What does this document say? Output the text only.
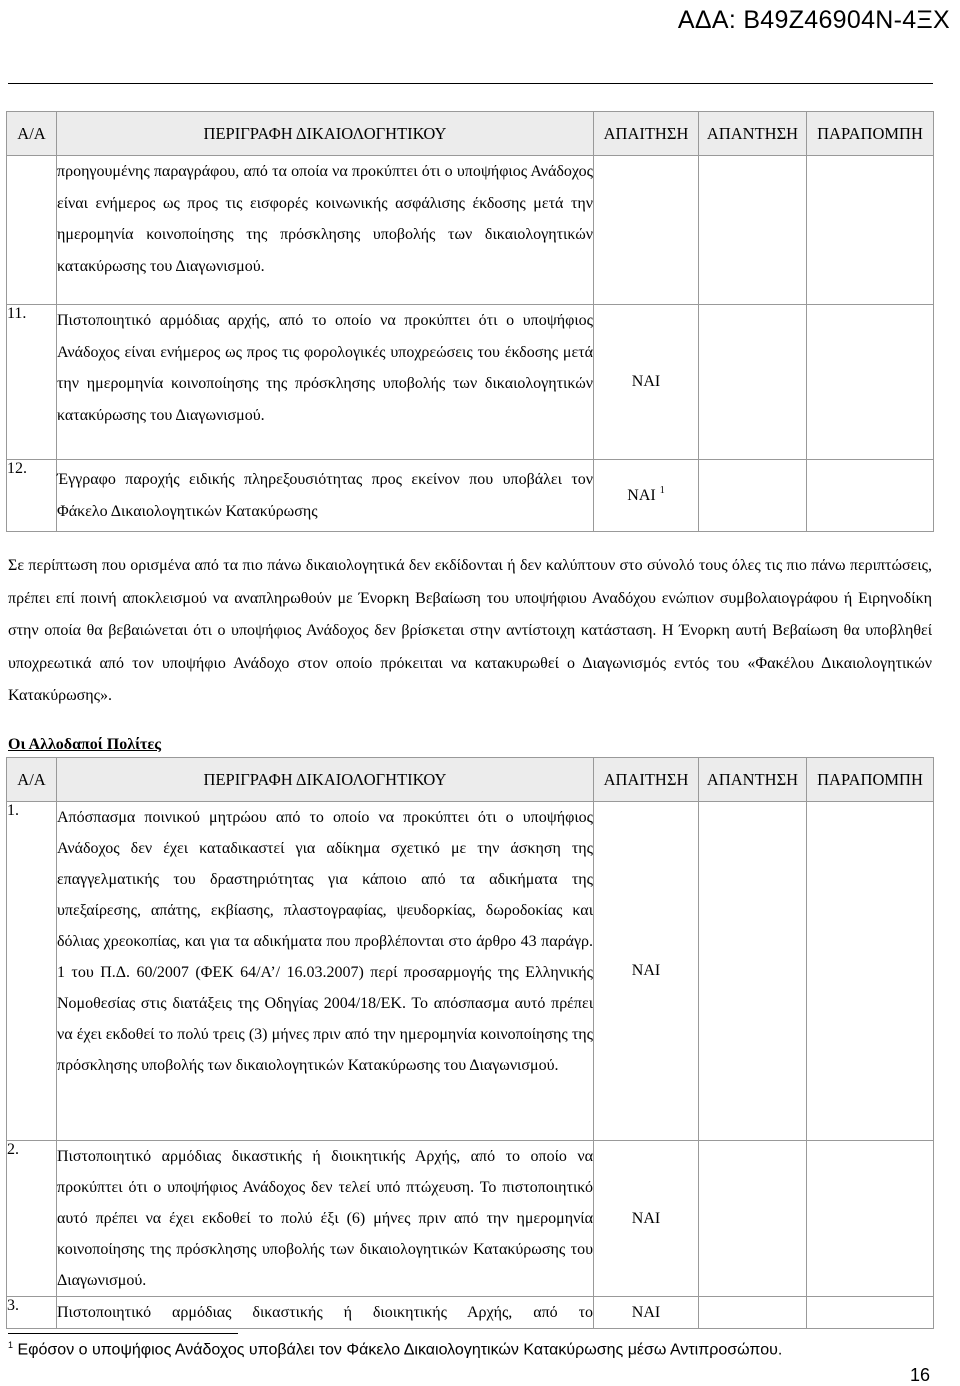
ΑΔΑ: Β49Ζ46904Ν-4ΞΧ
Α/Α	ΠΕΡΙΓΡΑΦΗ ΔΙΚΑΙΟΛΟΓΗΤΙΚΟΥ	ΑΠΑΙΤΗΣΗ	ΑΠΑΝΤΗΣΗ	ΠΑΡΑΠΟΜΠΗ
	προηγουμένης παραγράφου, από τα οποία να προκύπτει ότι ο υποψήφιος Ανάδοχος είναι ενήμερος ως προς τις εισφορές κοινωνικής ασφάλισης έκδοσης μετά την ημερομηνία κοινοποίησης της πρόσκλησης υποβολής των δικαιολογητικών κατακύρωσης του Διαγωνισμού.			
11.	Πιστοποιητικό αρμόδιας αρχής, από το οποίο να προκύπτει ότι ο υποψήφιος Ανάδοχος είναι ενήμερος ως προς τις φορολογικές υποχρεώσεις του έκδοσης μετά την ημερομηνία κοινοποίησης της πρόσκλησης υποβολής των δικαιολογητικών κατακύρωσης του Διαγωνισμού.	ΝΑΙ		
12.	Έγγραφο παροχής ειδικής πληρεξουσιότητας προς εκείνον που υποβάλει τον Φάκελο Δικαιολογητικών Κατακύρωσης	ΝΑΙ $^1$		
Σε περίπτωση που ορισμένα από τα πιο πάνω δικαιολογητικά δεν εκδίδονται ή δεν καλύπτουν στο σύνολό τους όλες τις πιο πάνω περιπτώσεις, πρέπει επί ποινή αποκλεισμού να αναπληρωθούν με Ένορκη Βεβαίωση του υποψήφιου Αναδόχου ενώπιον συμβολαιογράφου ή Ειρηνοδίκη στην οποία θα βεβαιώνεται ότι ο υποψήφιος Ανάδοχος δεν βρίσκεται στην αντίστοιχη κατάσταση. Η Ένορκη αυτή Βεβαίωση θα υποβληθεί υποχρεωτικά από τον υποψήφιο Ανάδοχο στον οποίο πρόκειται να κατακυρωθεί ο Διαγωνισμός εντός του «Φακέλου Δικαιολογητικών Κατακύρωσης».
Οι Αλλοδαποί Πολίτες
Α/Α	ΠΕΡΙΓΡΑΦΗ ΔΙΚΑΙΟΛΟΓΗΤΙΚΟΥ	ΑΠΑΙΤΗΣΗ	ΑΠΑΝΤΗΣΗ	ΠΑΡΑΠΟΜΠΗ
1.	Απόσπασμα ποινικού μητρώου από το οποίο να προκύπτει ότι ο υποψήφιος Ανάδοχος δεν έχει καταδικαστεί για αδίκημα σχετικό με την άσκηση της επαγγελματικής του δραστηριότητας για κάποιο από τα αδικήματα της υπεξαίρεσης, απάτης, εκβίασης, πλαστογραφίας, ψευδορκίας, δωροδοκίας και δόλιας χρεοκοπίας, και για τα αδικήματα που προβλέπονται στο άρθρο 43 παράγρ. 1 του Π.Δ. 60/2007 (ΦΕΚ 64/Α’/ 16.03.2007) περί προσαρμογής της Ελληνικής Νομοθεσίας στις διατάξεις της Οδηγίας 2004/18/ΕΚ. Το απόσπασμα αυτό πρέπει να έχει εκδοθεί το πολύ τρεις (3) μήνες πριν από την ημερομηνία κοινοποίησης της πρόσκλησης υποβολής των δικαιολογητικών Κατακύρωσης του Διαγωνισμού.	ΝΑΙ		
2.	Πιστοποιητικό αρμόδιας δικαστικής ή διοικητικής Αρχής, από το οποίο να προκύπτει ότι ο υποψήφιος Ανάδοχος δεν τελεί υπό πτώχευση. Το πιστοποιητικό αυτό πρέπει να έχει εκδοθεί το πολύ έξι (6) μήνες πριν από την ημερομηνία κοινοποίησης της πρόσκλησης υποβολής των δικαιολογητικών Κατακύρωσης του Διαγωνισμού.	ΝΑΙ		
3.	Πιστοποιητικό αρμόδιας δικαστικής ή διοικητικής Αρχής, από το	ΝΑΙ		
$^1$ Εφόσον ο υποψήφιος Ανάδοχος υποβάλει τον Φάκελο Δικαιολογητικών Κατακύρωσης μέσω Αντιπροσώπου.
16
